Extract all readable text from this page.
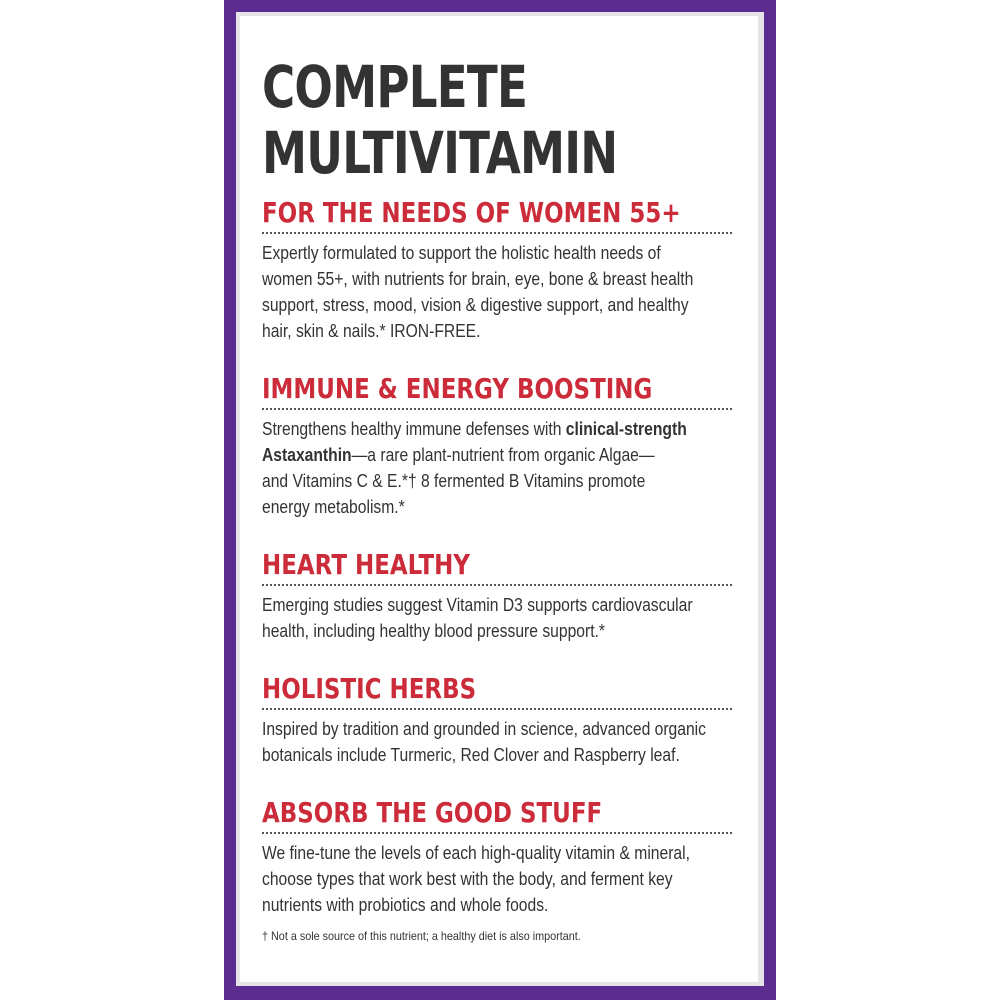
COMPLETE
MULTIVITAMIN
FOR THE NEEDS OF WOMEN 55+
Expertly formulated to support the holistic health needs of
women 55+, with nutrients for brain, eye, bone & breast health
support, stress, mood, vision & digestive support, and healthy
hair, skin & nails.* IRON-FREE.
IMMUNE & ENERGY BOOSTING
Strengthens healthy immune defenses with clinical-strength
Astaxanthin—a rare plant-nutrient from organic Algae—
and Vitamins C & E.*† 8 fermented B Vitamins promote
energy metabolism.*
HEART HEALTHY
Emerging studies suggest Vitamin D3 supports cardiovascular
health, including healthy blood pressure support.*
HOLISTIC HERBS
Inspired by tradition and grounded in science, advanced organic
botanicals include Turmeric, Red Clover and Raspberry leaf.
ABSORB THE GOOD STUFF
We fine-tune the levels of each high-quality vitamin & mineral,
choose types that work best with the body, and ferment key
nutrients with probiotics and whole foods.
† Not a sole source of this nutrient; a healthy diet is also important.
